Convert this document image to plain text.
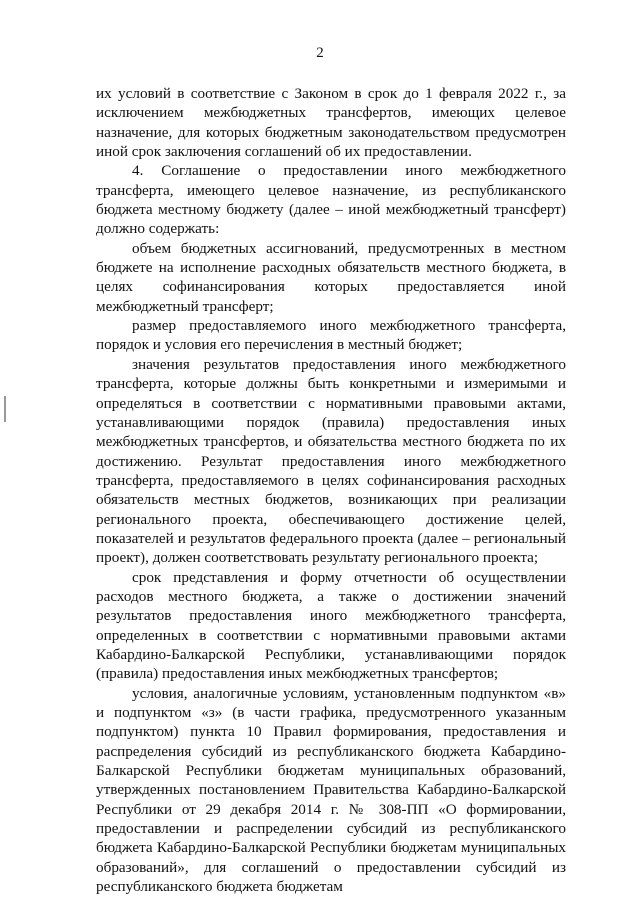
2

их условий в соответствие с Законом в срок до 1 февраля 2022 г., за исключением межбюджетных трансфертов, имеющих целевое назначение, для которых бюджетным законодательством предусмотрен иной срок заключения соглашений об их предоставлении.

4. Соглашение о предоставлении иного межбюджетного трансферта, имеющего целевое назначение, из республиканского бюджета местному бюджету (далее – иной межбюджетный трансферт) должно содержать:

объем бюджетных ассигнований, предусмотренных в местном бюджете на исполнение расходных обязательств местного бюджета, в целях софинансирования которых предоставляется иной межбюджетный трансферт;

размер предоставляемого иного межбюджетного трансферта, порядок и условия его перечисления в местный бюджет;

значения результатов предоставления иного межбюджетного трансферта, которые должны быть конкретными и измеримыми и определяться в соответствии с нормативными правовыми актами, устанавливающими порядок (правила) предоставления иных межбюджетных трансфертов, и обязательства местного бюджета по их достижению. Результат предоставления иного межбюджетного трансферта, предоставляемого в целях софинансирования расходных обязательств местных бюджетов, возникающих при реализации регионального проекта, обеспечивающего достижение целей, показателей и результатов федерального проекта (далее – региональный проект), должен соответствовать результату регионального проекта;

срок представления и форму отчетности об осуществлении расходов местного бюджета, а также о достижении значений результатов предоставления иного межбюджетного трансферта, определенных в соответствии с нормативными правовыми актами Кабардино-Балкарской Республики, устанавливающими порядок (правила) предоставления иных межбюджетных трансфертов;

условия, аналогичные условиям, установленным подпунктом «в» и подпунктом «з» (в части графика, предусмотренного указанным подпунктом) пункта 10 Правил формирования, предоставления и распределения субсидий из республиканского бюджета Кабардино-Балкарской Республики бюджетам муниципальных образований, утвержденных постановлением Правительства Кабардино-Балкарской Республики от 29 декабря 2014 г. № 308-ПП «О формировании, предоставлении и распределении субсидий из республиканского бюджета Кабардино-Балкарской Республики бюджетам муниципальных образований», для соглашений о предоставлении субсидий из республиканского бюджета бюджетам
